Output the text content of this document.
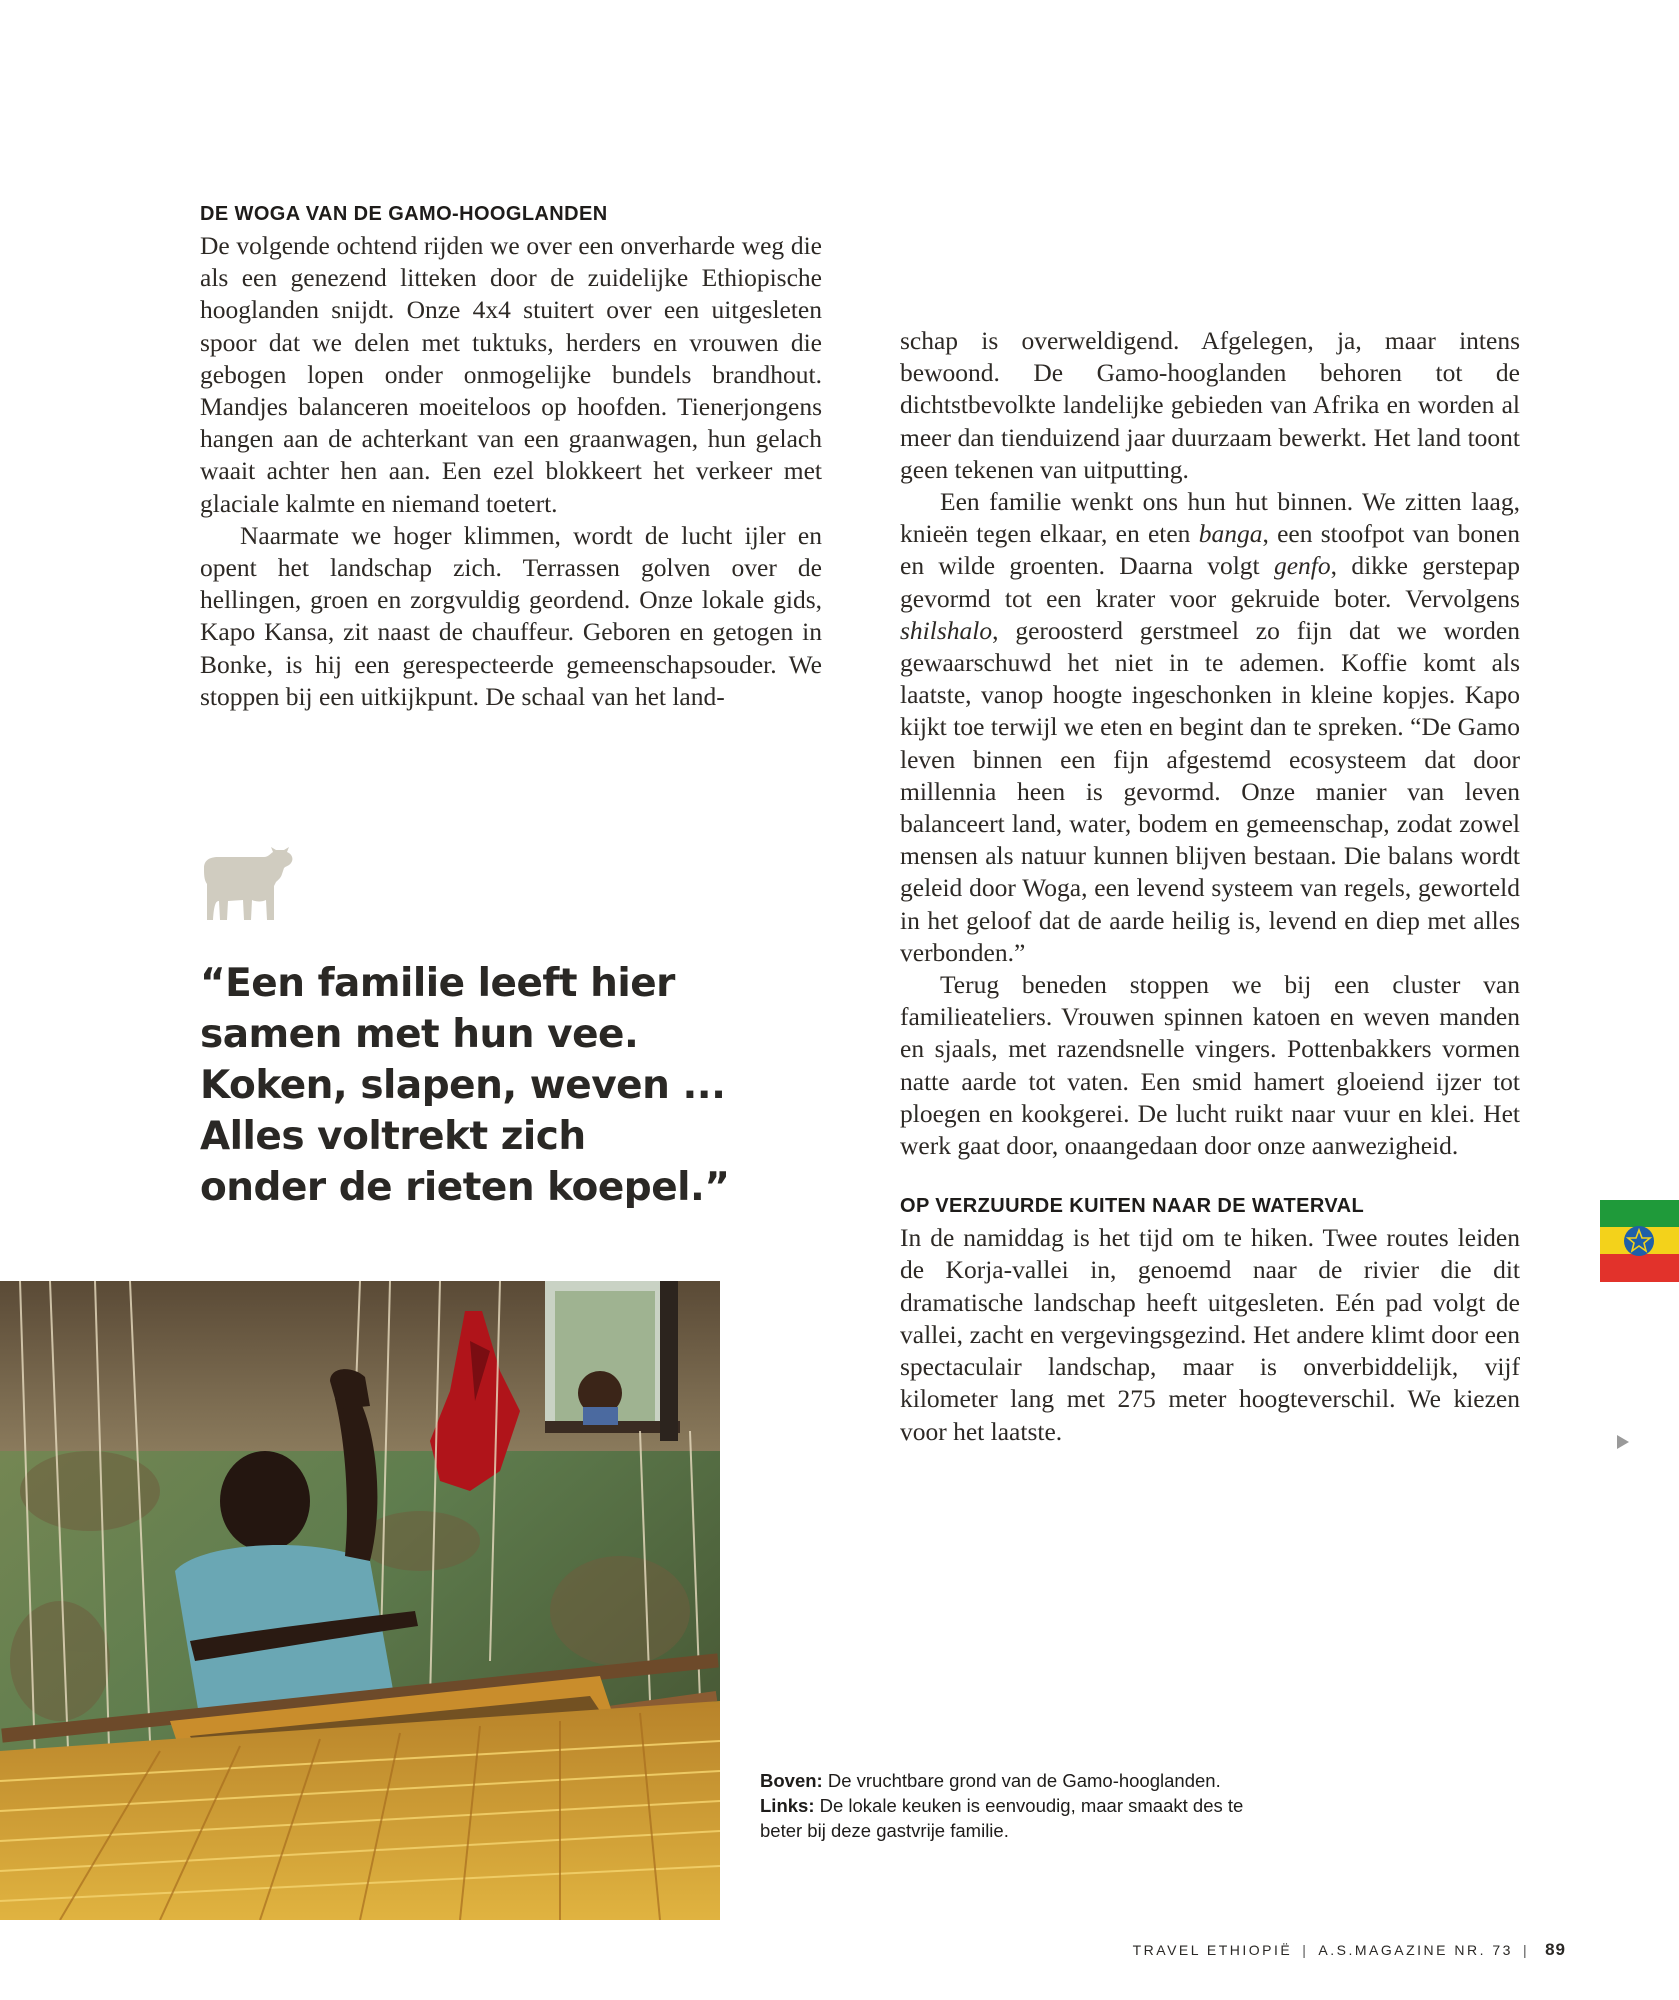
DE WOGA VAN DE GAMO-HOOGLANDEN

De volgende ochtend rijden we over een onverharde weg die als een genezend litteken door de zuidelijke Ethiopische hooglanden snijdt. Onze 4x4 stuitert over een uitgesleten spoor dat we delen met tuktuks, herders en vrouwen die gebogen lopen onder onmogelijke bundels brandhout. Mandjes balanceren moeiteloos op hoofden. Tienerjongens hangen aan de achterkant van een graanwagen, hun gelach waait achter hen aan. Een ezel blokkeert het verkeer met glaciale kalmte en niemand toetert.

Naarmate we hoger klimmen, wordt de lucht ijler en opent het landschap zich. Terrassen golven over de hellingen, groen en zorgvuldig geordend. Onze lokale gids, Kapo Kansa, zit naast de chauffeur. Geboren en getogen in Bonke, is hij een gerespecteerde gemeenschapsouder. We stoppen bij een uitkijkpunt. De schaal van het land-

schap is overweldigend. Afgelegen, ja, maar intens bewoond. De Gamo-hooglanden behoren tot de dichtstbevolkte landelijke gebieden van Afrika en worden al meer dan tienduizend jaar duurzaam bewerkt. Het land toont geen tekenen van uitputting.

Een familie wenkt ons hun hut binnen. We zitten laag, knieën tegen elkaar, en eten banga, een stoofpot van bonen en wilde groenten. Daarna volgt genfo, dikke gerstepap gevormd tot een krater voor gekruide boter. Vervolgens shilshalo, geroosterd gerstmeel zo fijn dat we worden gewaarschuwd het niet in te ademen. Koffie komt als laatste, vanop hoogte ingeschonken in kleine kopjes. Kapo kijkt toe terwijl we eten en begint dan te spreken. “De Gamo leven binnen een fijn afgestemd ecosysteem dat door millennia heen is gevormd. Onze manier van leven balanceert land, water, bodem en gemeenschap, zodat zowel mensen als natuur kunnen blijven bestaan. Die balans wordt geleid door Woga, een levend systeem van regels, geworteld in het geloof dat de aarde heilig is, levend en diep met alles verbonden.”

Terug beneden stoppen we bij een cluster van familieateliers. Vrouwen spinnen katoen en weven manden en sjaals, met razendsnelle vingers. Pottenbakkers vormen natte aarde tot vaten. Een smid hamert gloeiend ijzer tot ploegen en kookgerei. De lucht ruikt naar vuur en klei. Het werk gaat door, onaangedaan door onze aanwezigheid.

OP VERZUURDE KUITEN NAAR DE WATERVAL

In de namiddag is het tijd om te hiken. Twee routes leiden de Korja-vallei in, genoemd naar de rivier die dit dramatische landschap heeft uitgesleten. Eén pad volgt de vallei, zacht en vergevingsgezind. Het andere klimt door een spectaculair landschap, maar is onverbiddelijk, vijf kilometer lang met 275 meter hoogteverschil. We kiezen voor het laatste.

“Een familie leeft hier
samen met hun vee.
Koken, slapen, weven ...
Alles voltrekt zich
onder de rieten koepel.”
Boven: De vruchtbare grond van de Gamo-hooglanden.
Links: De lokale keuken is eenvoudig, maar smaakt des te beter bij deze gastvrije familie.
TRAVEL ETHIOPIË | A.S.MAGAZINE NR. 73 | 89
